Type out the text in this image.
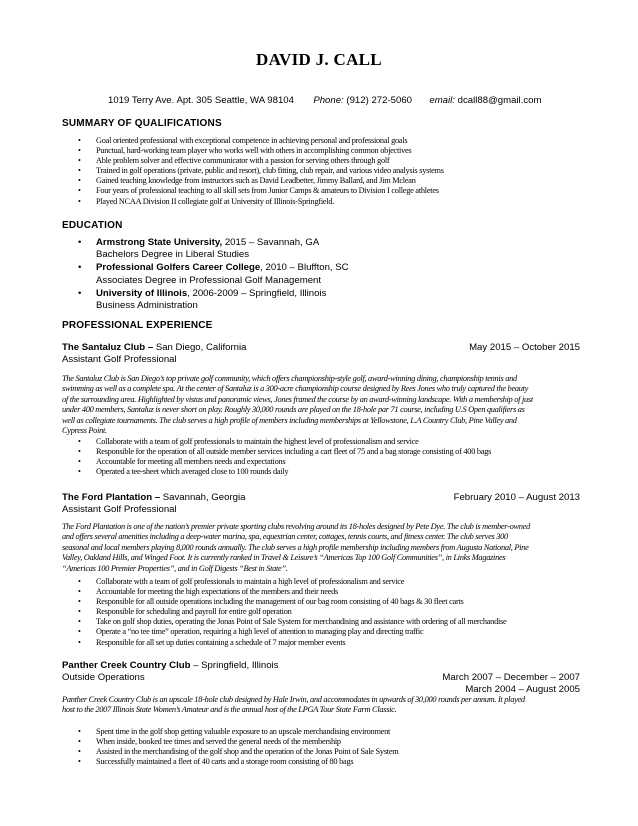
DAVID J. CALL
1019 Terry Ave. Apt. 305 Seattle, WA 98104 Phone: (912) 272-5060 email: dcall88@gmail.com
SUMMARY OF QUALIFICATIONS
• Goal oriented professional with exceptional competence in achieving personal and professional goals
• Punctual, hard-working team player who works well with others in accomplishing common objectives
• Able problem solver and effective communicator with a passion for serving others through golf
• Trained in golf operations (private, public and resort), club fitting, club repair, and various video analysis systems
• Gained teaching knowledge from instructors such as David Leadbetter, Jimmy Ballard, and Jim Mclean
• Four years of professional teaching to all skill sets from Junior Camps & amateurs to Division I college athletes
• Played NCAA Division II collegiate golf at University of Illinois-Springfield.
EDUCATION
• Armstrong State University, 2015 – Savannah, GA
Bachelors Degree in Liberal Studies
• Professional Golfers Career College, 2010 – Bluffton, SC
Associates Degree in Professional Golf Management
• University of Illinois, 2006-2009 – Springfield, Illinois
Business Administration
PROFESSIONAL EXPERIENCE
The Santaluz Club – San Diego, California	May 2015 – October 2015
Assistant Golf Professional
The Santaluz Club is San Diego’s top private golf community, which offers championship-style golf, award-winning dining, championship tennis and
swimming as well as a complete spa. At the center of Santaluz is a 300-acre championship course designed by Rees Jones who truly captured the beauty
of the surrounding area. Highlighted by vistas and panoramic views, Jones framed the course by an award-winning landscape. With a membership of just
under 400 members, Santaluz is never short on play. Roughly 30,000 rounds are played on the 18-hole par 71 course, including U.S Open qualifiers as
well as collegiate tournaments. The club serves a high profile of members including memberships at Yellowstone, L.A Country Club, Pine Valley and
Cypress Point.
• Collaborate with a team of golf professionals to maintain the highest level of professionalism and service
• Responsible for the operation of all outside member services including a cart fleet of 75 and a bag storage consisting of 400 bags
• Accountable for meeting all members needs and expectations
• Operated a tee-sheet which averaged close to 100 rounds daily
The Ford Plantation – Savannah, Georgia	February 2010 – August 2013
Assistant Golf Professional
The Ford Plantation is one of the nation’s premier private sporting clubs revolving around its 18-holes designed by Pete Dye. The club is member-owned
and offers several amenities including a deep-water marina, spa, equestrian center, cottages, tennis courts, and fitness center. The club serves 300
seasonal and local members playing 8,000 rounds annually. The club serves a high profile membership including members from Augusta National, Pine
Valley, Oakland Hills, and Winged Foot. It is currently ranked in Travel & Leisure’s “Americas Top 100 Golf Communities”, in Links Magazines
“Americas 100 Premier Properties”, and in Golf Digests “Best in State”.
• Collaborate with a team of golf professionals to maintain a high level of professionalism and service
• Accountable for meeting the high expectations of the members and their needs
• Responsible for all outside operations including the management of our bag room consisting of 40 bags & 30 fleet carts
• Responsible for scheduling and payroll for entire golf operation
• Take on golf shop duties, operating the Jonas Point of Sale System for merchandising and assistance with ordering of all merchandise
• Operate a “no tee time” operation, requiring a high level of attention to managing play and directing traffic
• Responsible for all set up duties containing a schedule of 7 major member events
Panther Creek Country Club – Springfield, Illinois
Outside Operations	March 2007 – December – 2007
March 2004 – August 2005
Panther Creek Country Club is an upscale 18-hole club designed by Hale Irwin, and accommodates in upwards of 30,000 rounds per annum. It played
host to the 2007 Illinois State Women’s Amateur and is the annual host of the LPGA Tour State Farm Classic.
• Spent time in the golf shop getting valuable exposure to an upscale merchandising environment
• When inside, booked tee times and served the general needs of the membership
• Assisted in the merchandising of the golf shop and the operation of the Jonas Point of Sale System
• Successfully maintained a fleet of 40 carts and a storage room consisting of 80 bags
